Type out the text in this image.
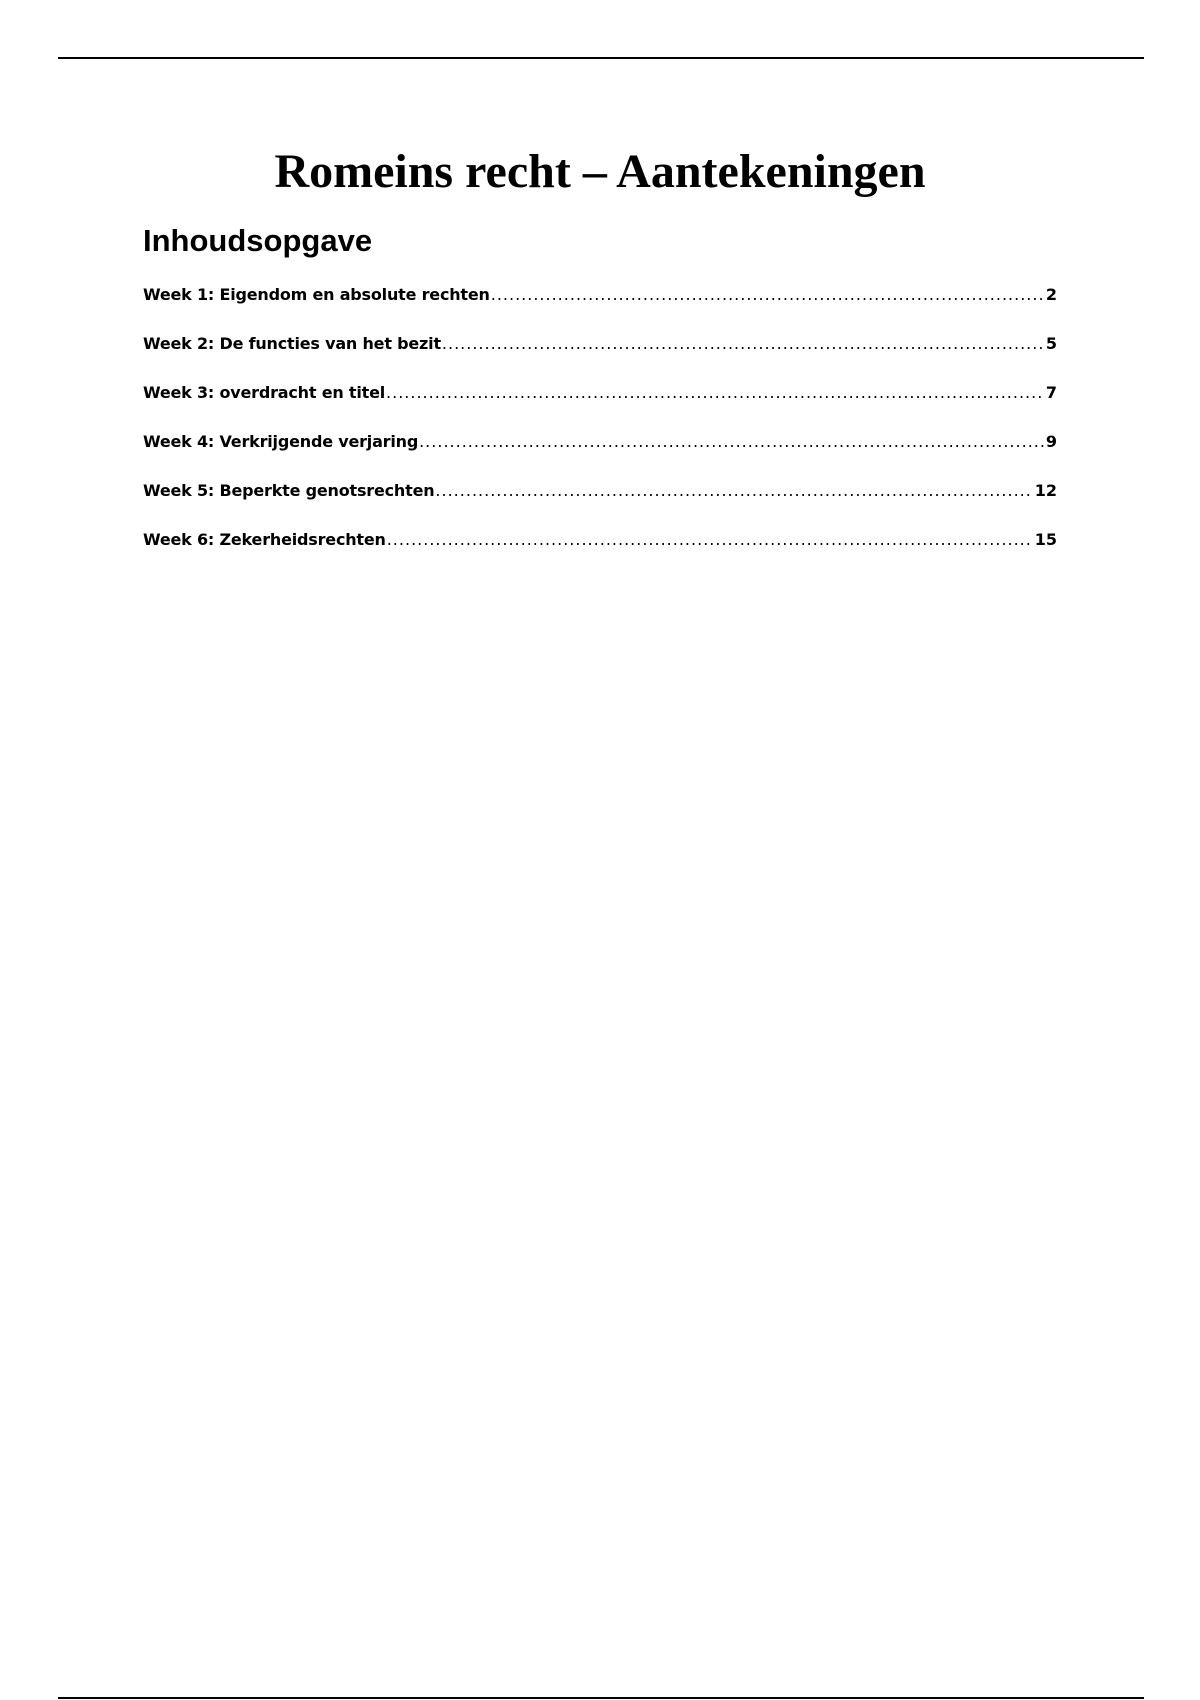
Romeins recht – Aantekeningen
Inhoudsopgave
Week 1: Eigendom en absolute rechten .....	2
Week 2: De functies van het bezit .....	5
Week 3: overdracht en titel .....	7
Week 4: Verkrijgende verjaring .....	9
Week 5: Beperkte genotsrechten .....	12
Week 6: Zekerheidsrechten .....	15
